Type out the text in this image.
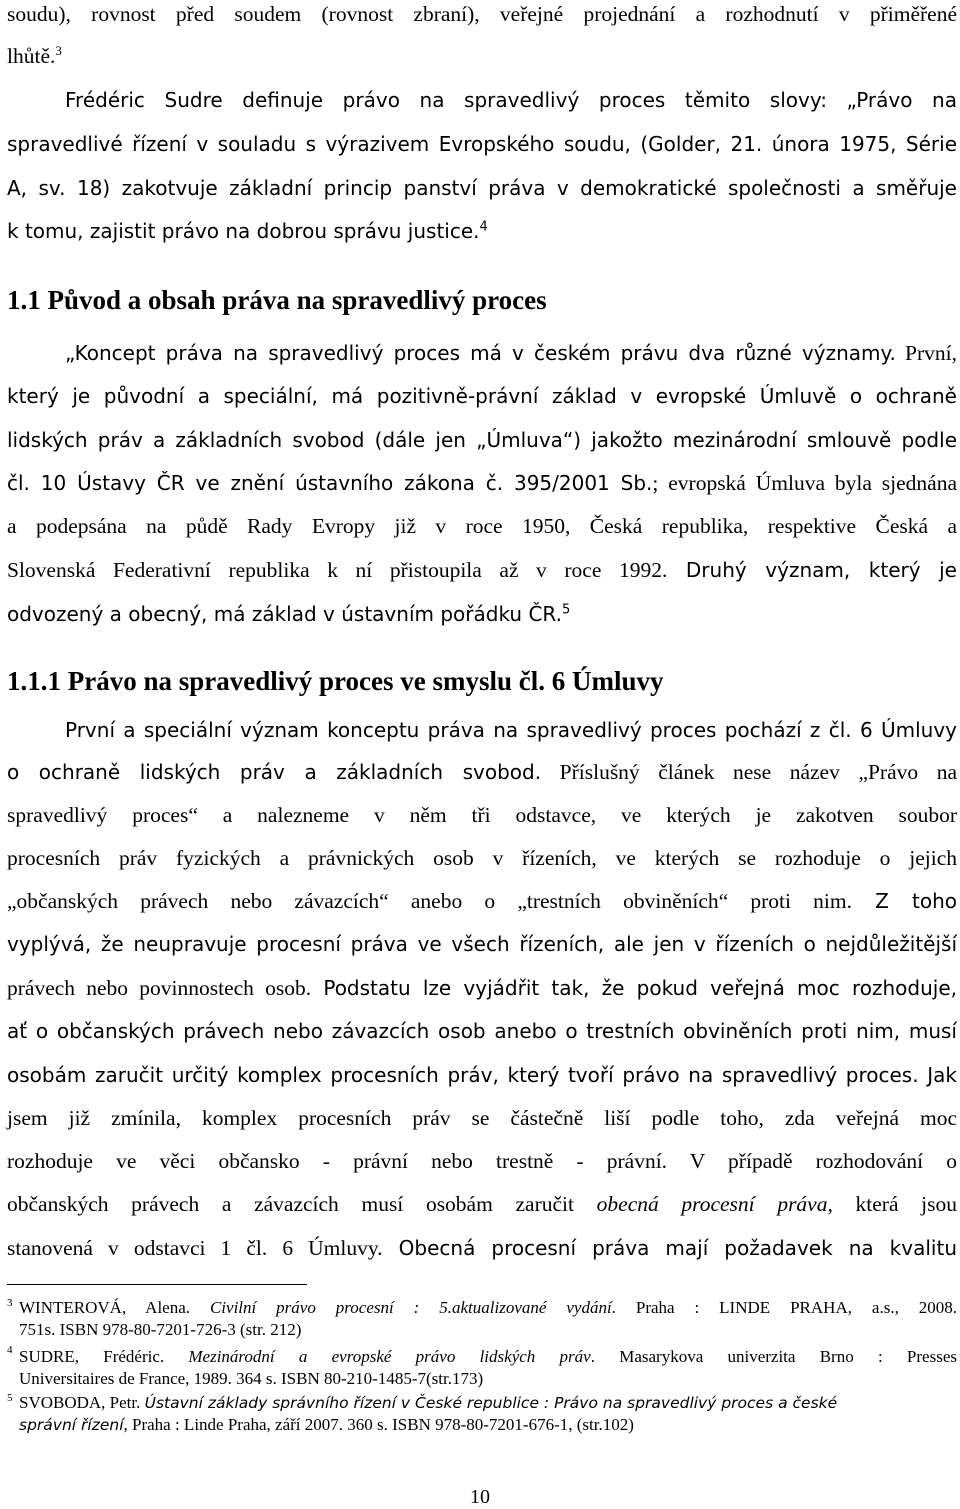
soudu), rovnost před soudem (rovnost zbraní), veřejné projednání a rozhodnutí v přiměřené
lhůtě.$^3$
Frédéric Sudre definuje právo na spravedlivý proces těmito slovy: „Právo na
spravedlivé řízení v souladu s výrazivem Evropského soudu, (Golder, 21. února 1975, Série
A, sv. 18) zakotvuje základní princip panství práva v demokratické společnosti a směřuje
k tomu, zajistit právo na dobrou správu justice.$^4$
1.1 Původ a obsah práva na spravedlivý proces
„Koncept práva na spravedlivý proces má v českém právu dva různé významy. První,
který je původní a speciální, má pozitivně-právní základ v evropské Úmluvě o ochraně
lidských práv a základních svobod (dále jen „Úmluva“) jakožto mezinárodní smlouvě podle
čl. 10 Ústavy ČR ve znění ústavního zákona č. 395/2001 Sb.; evropská Úmluva byla sjednána
a podepsána na půdě Rady Evropy již v roce 1950, Česká republika, respektive Česká a
Slovenská Federativní republika k ní přistoupila až v roce 1992. Druhý význam, který je
odvozený a obecný, má základ v ústavním pořádku ČR.$^5$
1.1.1 Právo na spravedlivý proces ve smyslu čl. 6 Úmluvy
První a speciální význam konceptu práva na spravedlivý proces pochází z čl. 6 Úmluvy
o ochraně lidských práv a základních svobod. Příslušný článek nese název „Právo na
spravedlivý proces“ a nalezneme v něm tři odstavce, ve kterých je zakotven soubor
procesních práv fyzických a právnických osob v řízeních, ve kterých se rozhoduje o jejich
„občanských právech nebo závazcích“ anebo o „trestních obviněních“ proti nim. Z toho
vyplývá, že neupravuje procesní práva ve všech řízeních, ale jen v řízeních o nejdůležitější
právech nebo povinnostech osob. Podstatu lze vyjádřit tak, že pokud veřejná moc rozhoduje,
ať o občanských právech nebo závazcích osob anebo o trestních obviněních proti nim, musí
osobám zaručit určitý komplex procesních práv, který tvoří právo na spravedlivý proces. Jak
jsem již zmínila, komplex procesních práv se částečně liší podle toho, zda veřejná moc
rozhoduje ve věci občansko - právní nebo trestně - právní. V případě rozhodování o
občanských právech a závazcích musí osobám zaručit obecná procesní práva, která jsou
stanovená v odstavci 1 čl. 6 Úmluvy. Obecná procesní práva mají požadavek na kvalitu
3 WINTEROVÁ, Alena. Civilní právo procesní : 5.aktualizované vydání. Praha : LINDE PRAHA, a.s., 2008.
751s. ISBN 978-80-7201-726-3 (str. 212)
4 SUDRE, Frédéric. Mezinárodní a evropské právo lidských práv. Masarykova univerzita Brno : Presses
Universitaires de France, 1989. 364 s. ISBN 80-210-1485-7(str.173)
5 SVOBODA, Petr. Ústavní základy správního řízení v České republice : Právo na spravedlivý proces a české
správní řízení, Praha : Linde Praha, září 2007. 360 s. ISBN 978-80-7201-676-1, (str.102)
10
